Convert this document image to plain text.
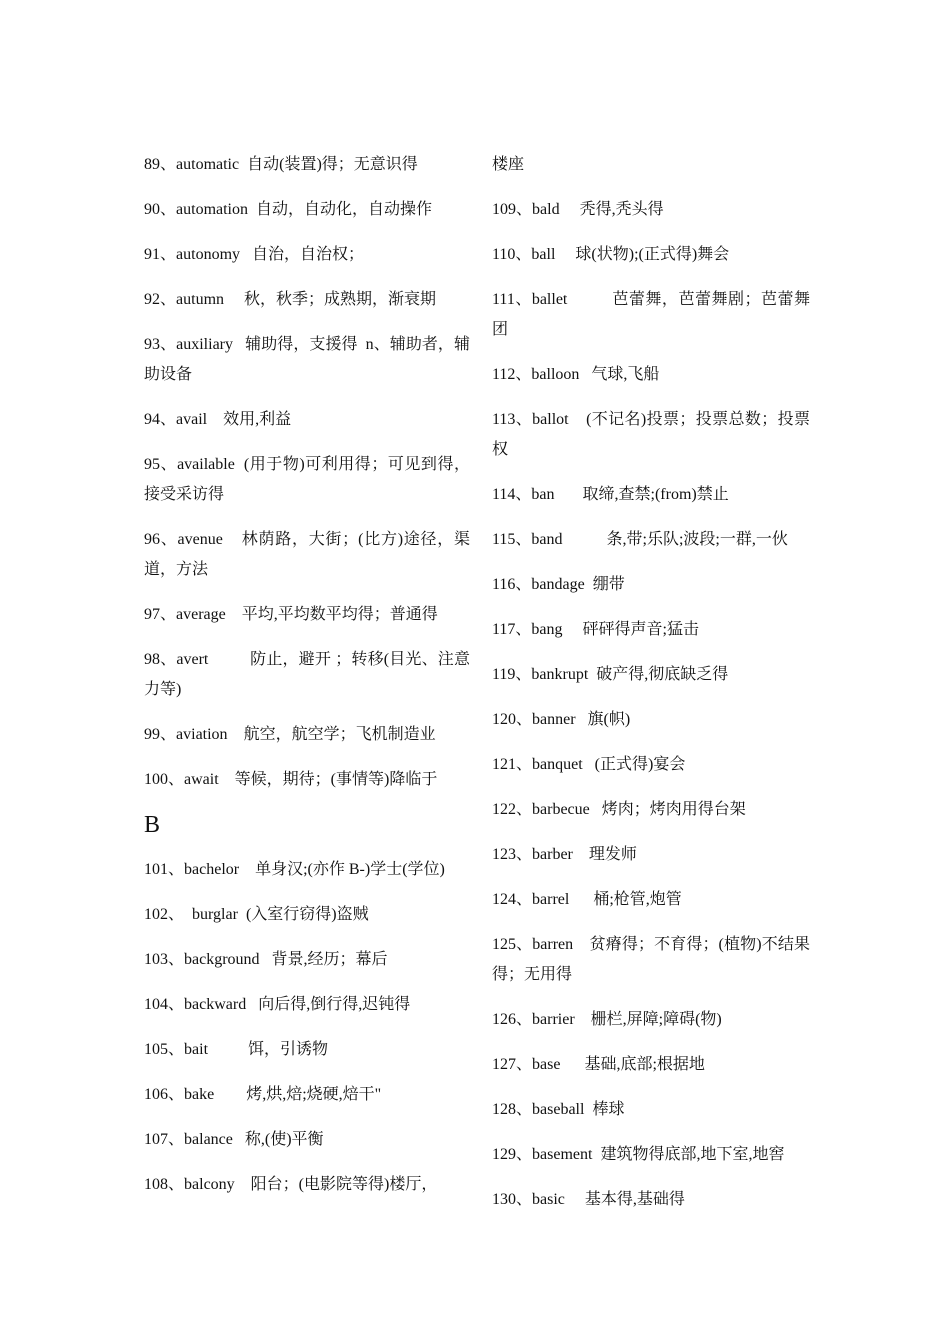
89、automatic  自动(装置)得；无意识得
90、automation  自动，自动化，自动操作
91、autonomy   自治，自治权；
92、autumn     秋，秋季；成熟期，渐衰期
93、auxiliary   辅助得，支援得  n、辅助者，辅助设备
94、avail    效用,利益
95、available  (用于物)可利用得；可见到得，接受采访得
96、avenue    林荫路，大街；(比方)途径，渠道，方法
97、average    平均,平均数平均得；普通得
98、avert          防止，避开 ；转移(目光、注意力等)
99、aviation    航空，航空学；飞机制造业
100、await    等候，期待；(事情等)降临于
B
101、bachelor    单身汉;(亦作 B-)学士(学位)
102、  burglar  (入室行窃得)盗贼
103、background   背景,经历；幕后
104、backward   向后得,倒行得,迟钝得
105、bait          饵，引诱物
106、bake        烤,烘,焙;烧硬,焙干"
107、balance   称,(使)平衡
108、balcony    阳台；(电影院等得)楼厅，
楼座
109、bald     秃得,秃头得
110、ball     球(状物);(正式得)舞会
111、ballet          芭蕾舞，芭蕾舞剧；芭蕾舞团
112、balloon   气球,飞船
113、ballot    (不记名)投票；投票总数；投票权
114、ban       取缔,查禁;(from)禁止
115、band           条,带;乐队;波段;一群,一伙
116、bandage  绷带
117、bang     砰砰得声音;猛击
119、bankrupt  破产得,彻底缺乏得
120、banner   旗(帜)
121、banquet   (正式得)宴会
122、barbecue   烤肉；烤肉用得台架
123、barber    理发师
124、barrel      桶;枪管,炮管
125、barren    贫瘠得；不育得；(植物)不结果得；无用得
126、barrier    栅栏,屏障;障碍(物)
127、base      基础,底部;根据地
128、baseball  棒球
129、basement  建筑物得底部,地下室,地窖
130、basic     基本得,基础得
